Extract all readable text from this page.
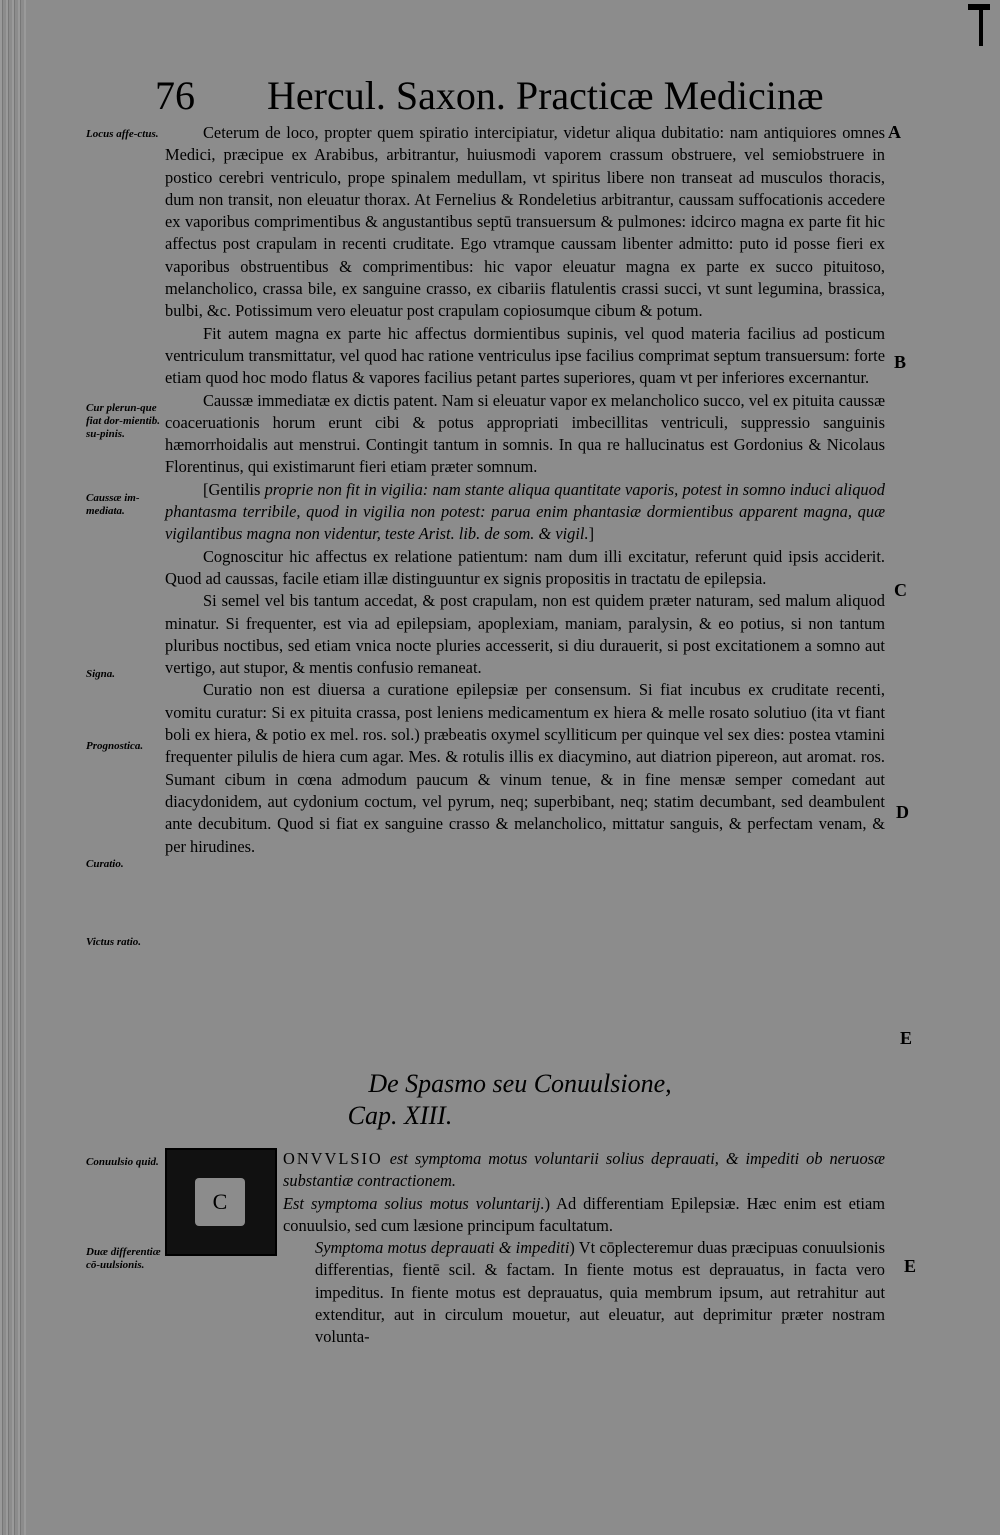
76 Hercul. Saxon. Practicæ Medicinæ
Locus affe-ctus.
Cur plerun-que fiat dor-mientib. su-pinis.
Caussæ im-mediata.
Signa.
Prognostica.
Curatio.
Victus ratio.
Conuulsio quid.
Duæ differentiæ cō-uulsionis.
A
B
C
D
E
E

Ceterum de loco, propter quem spiratio intercipiatur, videtur aliqua dubitatio: nam antiquiores omnes Medici, præcipue ex Arabibus, arbitrantur, huiusmodi vaporem crassum obstruere, vel semiobstruere in postico cerebri ventriculo, prope spinalem medullam, vt spiritus libere non transeat ad musculos thoracis, dum non transit, non eleuatur thorax. At Fernelius & Rondeletius arbitrantur, caussam suffocationis accedere ex vaporibus comprimentibus & angustantibus septū transuersum & pulmones: idcirco magna ex parte fit hic affectus post crapulam in recenti cruditate. Ego vtramque caussam libenter admitto: puto id posse fieri ex vaporibus obstruentibus & comprimentibus: hic vapor eleuatur magna ex parte ex succo pituitoso, melancholico, crassa bile, ex sanguine crasso, ex cibariis flatulentis crassi succi, vt sunt legumina, brassica, bulbi, &c. Potissimum vero eleuatur post crapulam copiosumque cibum & potum.

Fit autem magna ex parte hic affectus dormientibus supinis, vel quod materia facilius ad posticum ventriculum transmittatur, vel quod hac ratione ventriculus ipse facilius comprimat septum transuersum: forte etiam quod hoc modo flatus & vapores facilius petant partes superiores, quam vt per inferiores excernantur.

Caussæ immediatæ ex dictis patent. Nam si eleuatur vapor ex melancholico succo, vel ex pituita caussæ coaceruationis horum erunt cibi & potus appropriati imbecillitas ventriculi, suppressio sanguinis hæmorrhoidalis aut menstrui. Contingit tantum in somnis. In qua re hallucinatus est Gordonius & Nicolaus Florentinus, qui existimarunt fieri etiam præter somnum.

[Gentilis proprie non fit in vigilia: nam stante aliqua quantitate vaporis, potest in somno induci aliquod phantasma terribile, quod in vigilia non potest: parua enim phantasiæ dormientibus apparent magna, quæ vigilantibus magna non videntur, teste Arist. lib. de som. & vigil.]

Cognoscitur hic affectus ex relatione patientum: nam dum illi excitatur, referunt quid ipsis acciderit. Quod ad caussas, facile etiam illæ distinguuntur ex signis propositis in tractatu de epilepsia.

Si semel vel bis tantum accedat, & post crapulam, non est quidem præter naturam, sed malum aliquod minatur. Si frequenter, est via ad epilepsiam, apoplexiam, maniam, paralysin, & eo potius, si non tantum pluribus noctibus, sed etiam vnica nocte pluries accesserit, si diu durauerit, si post excitationem a somno aut vertigo, aut stupor, & mentis confusio remaneat.

Curatio non est diuersa a curatione epilepsiæ per consensum. Si fiat incubus ex cruditate recenti, vomitu curatur: Si ex pituita crassa, post leniens medicamentum ex hiera & melle rosato solutiuo (ita vt fiant boli ex hiera, & potio ex mel. ros. sol.) præbeatis oxymel scylliticum per quinque vel sex dies: postea vtamini frequenter pilulis de hiera cum agar. Mes. & rotulis illis ex diacymino, aut diatrion pipereon, aut aromat. ros. Sumant cibum in cœna admodum paucum & vinum tenue, & in fine mensæ semper comedant aut diacydonidem, aut cydonium coctum, vel pyrum, neq; superbibant, neq; statim decumbant, sed deambulent ante decubitum. Quod si fiat ex sanguine crasso & melancholico, mittatur sanguis, & perfectam venam, & per hirudines.

De Spasmo seu Conuulsione,
Cap. XIII.

ONVVLSIO est symptoma motus voluntarii solius deprauati, & impediti ob neruosæ substantiæ contractionem.

Est symptoma solius motus voluntarij.) Ad differentiam Epilepsiæ. Hæc enim est etiam conuulsio, sed cum læsione principum facultatum.

Symptoma motus deprauati & impediti) Vt cōplecteremur duas præcipuas conuulsionis differentias, fientē scil. & factam. In fiente motus est deprauatus, in facta vero impeditus. In fiente motus est deprauatus, quia membrum ipsum, aut retrahitur aut extenditur, aut in circulum mouetur, aut eleuatur, aut deprimitur præter nostram volunta-

C
